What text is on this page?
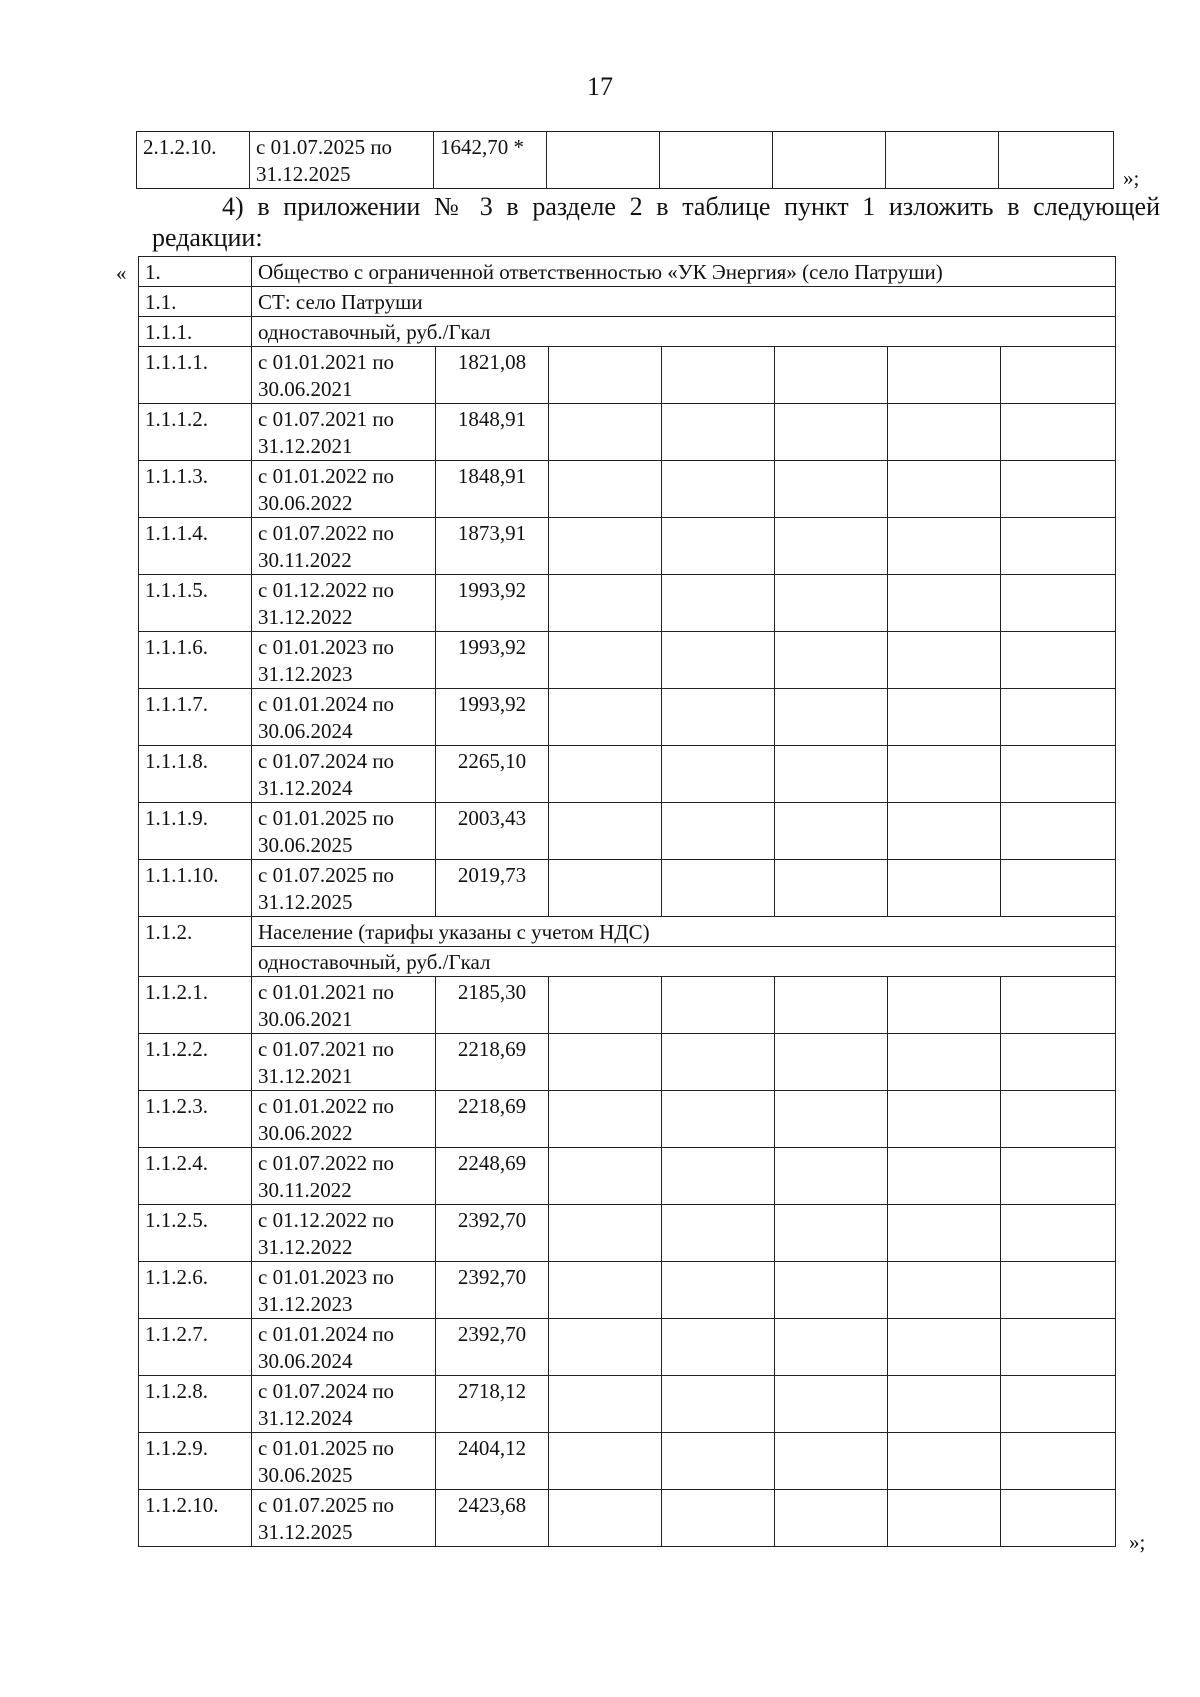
17
2.1.2.10.	с 01.07.2025 по 31.12.2025	1642,70 *					
»;
4) в приложении № 3 в разделе 2 в таблице пункт 1 изложить в следующей редакции:
« 1.	Общество с ограниченной ответственностью «УК Энергия» (село Патруши)						
1.1.	СТ: село Патруши						
1.1.1.	одноставочный, руб./Гкал						
1.1.1.1.	с 01.01.2021 по 30.06.2021	1821,08					
1.1.1.2.	с 01.07.2021 по 31.12.2021	1848,91					
1.1.1.3.	с 01.01.2022 по 30.06.2022	1848,91					
1.1.1.4.	с 01.07.2022 по 30.11.2022	1873,91					
1.1.1.5.	с 01.12.2022 по 31.12.2022	1993,92					
1.1.1.6.	с 01.01.2023 по 31.12.2023	1993,92					
1.1.1.7.	с 01.01.2024 по 30.06.2024	1993,92					
1.1.1.8.	с 01.07.2024 по 31.12.2024	2265,10					
1.1.1.9.	с 01.01.2025 по 30.06.2025	2003,43					
1.1.1.10.	с 01.07.2025 по 31.12.2025	2019,73					
1.1.2.	Население (тарифы указаны с учетом НДС)						
	одноставочный, руб./Гкал						
1.1.2.1.	с 01.01.2021 по 30.06.2021	2185,30					
1.1.2.2.	с 01.07.2021 по 31.12.2021	2218,69					
1.1.2.3.	с 01.01.2022 по 30.06.2022	2218,69					
1.1.2.4.	с 01.07.2022 по 30.11.2022	2248,69					
1.1.2.5.	с 01.12.2022 по 31.12.2022	2392,70					
1.1.2.6.	с 01.01.2023 по 31.12.2023	2392,70					
1.1.2.7.	с 01.01.2024 по 30.06.2024	2392,70					
1.1.2.8.	с 01.07.2024 по 31.12.2024	2718,12					
1.1.2.9.	с 01.01.2025 по 30.06.2025	2404,12					
1.1.2.10.	с 01.07.2025 по 31.12.2025	2423,68					
»;
